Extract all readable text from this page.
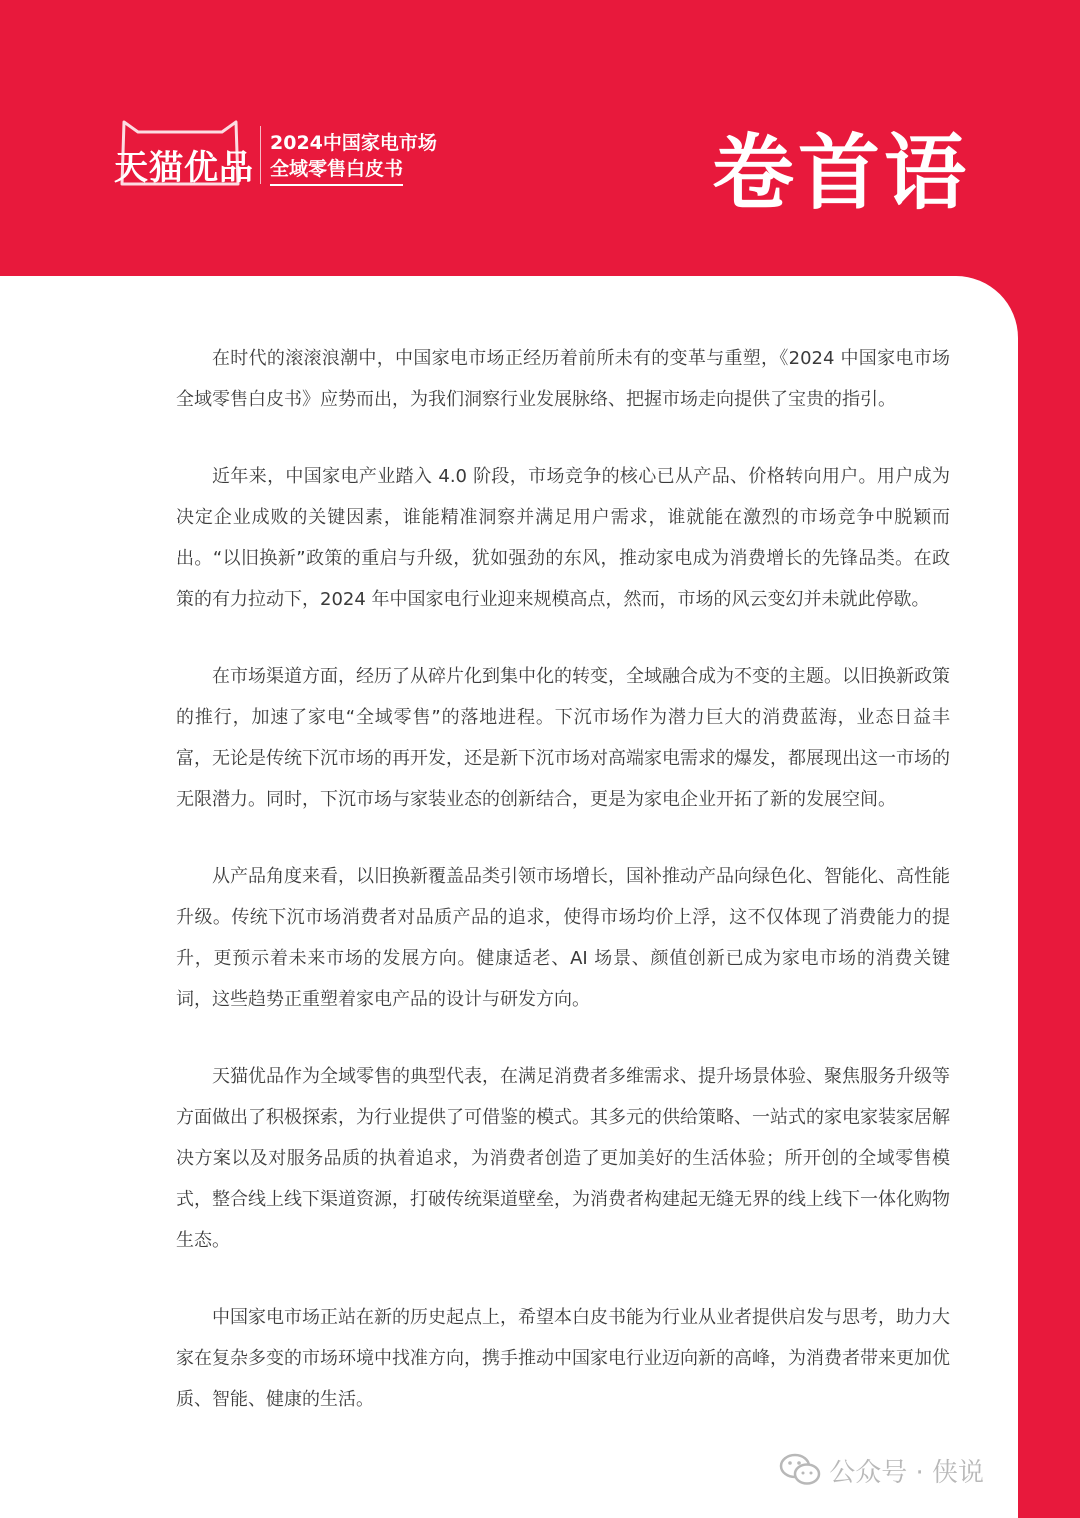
天猫优品
2024中国家电市场
全域零售白皮书	卷首语

在时代的滚滚浪潮中，中国家电市场正经历着前所未有的变革与重塑，《2024 中国家电市场全域零售白皮书》应势而出，为我们洞察行业发展脉络、把握市场走向提供了宝贵的指引。

近年来，中国家电产业踏入 4.0 阶段，市场竞争的核心已从产品、价格转向用户。用户成为决定企业成败的关键因素，谁能精准洞察并满足用户需求，谁就能在激烈的市场竞争中脱颖而出。“以旧换新”政策的重启与升级，犹如强劲的东风，推动家电成为消费增长的先锋品类。在政策的有力拉动下，2024 年中国家电行业迎来规模高点，然而，市场的风云变幻并未就此停歇。

在市场渠道方面，经历了从碎片化到集中化的转变，全域融合成为不变的主题。以旧换新政策的推行，加速了家电“全域零售”的落地进程。下沉市场作为潜力巨大的消费蓝海，业态日益丰富，无论是传统下沉市场的再开发，还是新下沉市场对高端家电需求的爆发，都展现出这一市场的无限潜力。同时，下沉市场与家装业态的创新结合，更是为家电企业开拓了新的发展空间。

从产品角度来看，以旧换新覆盖品类引领市场增长，国补推动产品向绿色化、智能化、高性能升级。传统下沉市场消费者对品质产品的追求，使得市场均价上浮，这不仅体现了消费能力的提升，更预示着未来市场的发展方向。健康适老、AI 场景、颜值创新已成为家电市场的消费关键词，这些趋势正重塑着家电产品的设计与研发方向。

天猫优品作为全域零售的典型代表，在满足消费者多维需求、提升场景体验、聚焦服务升级等方面做出了积极探索，为行业提供了可借鉴的模式。其多元的供给策略、一站式的家电家装家居解决方案以及对服务品质的执着追求，为消费者创造了更加美好的生活体验；所开创的全域零售模式，整合线上线下渠道资源，打破传统渠道壁垒，为消费者构建起无缝无界的线上线下一体化购物生态。

中国家电市场正站在新的历史起点上，希望本白皮书能为行业从业者提供启发与思考，助力大家在复杂多变的市场环境中找准方向，携手推动中国家电行业迈向新的高峰，为消费者带来更加优质、智能、健康的生活。

公众号 · 侠说
